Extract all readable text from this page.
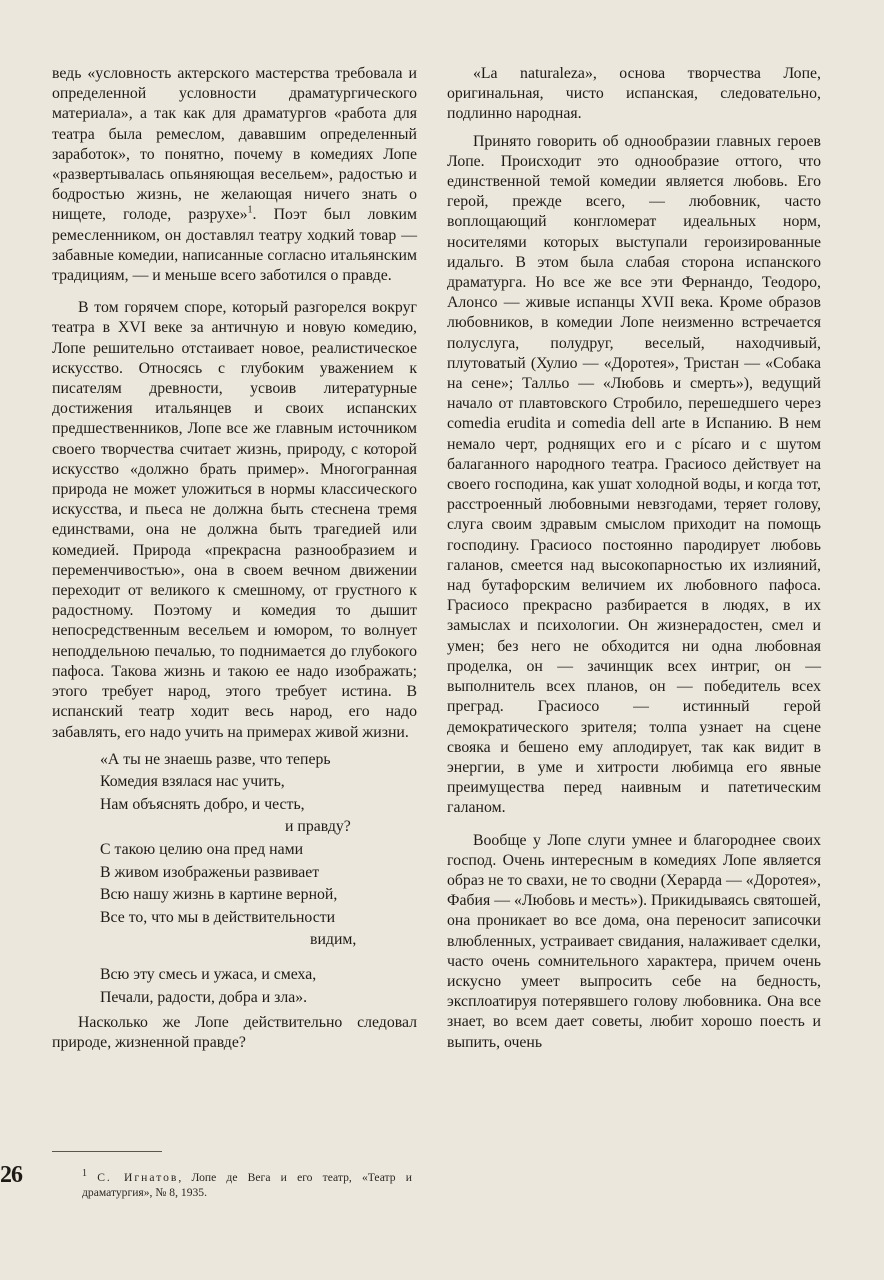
ведь «условность актерского мастерства требовала и определенной условности драматургического материала», а так как для драматургов «работа для театра была ремеслом, дававшим определенный заработок», то понятно, почему в комедиях Лопе «развертывалась опьяняющая весельем», радостью и бодростью жизнь, не желающая ничего знать о нищете, голоде, разрухе»$^1$. Поэт был ловким ремесленником, он доставлял театру ходкий товар — забавные комедии, написанные согласно итальянским традициям, — и меньше всего заботился о правде.

В том горячем споре, который разгорелся вокруг театра в XVI веке за античную и новую комедию, Лопе решительно отстаивает новое, реалистическое искусство. Относясь с глубоким уважением к писателям древности, усвоив литературные достижения итальянцев и своих испанских предшественников, Лопе все же главным источником своего творчества считает жизнь, природу, с которой искусство «должно брать пример». Многогранная природа не может уложиться в нормы классического искусства, и пьеса не должна быть стеснена тремя единствами, она не должна быть трагедией или комедией. Природа «прекрасна разнообразием и переменчивостью», она в своем вечном движении переходит от великого к смешному, от грустного к радостному. Поэтому и комедия то дышит непосредственным весельем и юмором, то волнует неподдельною печалью, то поднимается до глубокого пафоса. Такова жизнь и такою ее надо изображать; этого требует народ, этого требует истина. В испанский театр ходит весь народ, его надо забавлять, его надо учить на примерах живой жизни.

«А ты не знаешь разве, что теперь
Комедия взялася нас учить,
Нам объяснять добро, и честь,
и правду?
С такою целию она пред нами
В живом изображеньи развивает
Всю нашу жизнь в картине верной,
Все то, что мы в действительности
видим,
Всю эту смесь и ужаса, и смеха,
Печали, радости, добра и зла».

Насколько же Лопе действительно следовал природе, жизненной правде?

26	$^1$ С. Игнатов, Лопе де Вега и его театр, «Театр и драматургия», № 8, 1935.

«La naturaleza», основа творчества Лопе, оригинальная, чисто испанская, следовательно, подлинно народная.

Принято говорить об однообразии главных героев Лопе. Происходит это однообразие оттого, что единственной темой комедии является любовь. Его герой, прежде всего, — любовник, часто воплощающий конгломерат идеальных норм, носителями которых выступали героизированные идальго. В этом была слабая сторона испанского драматурга. Но все же все эти Фернандо, Теодоро, Алонсо — живые испанцы XVII века. Кроме образов любовников, в комедии Лопе неизменно встречается полуслуга, полудруг, веселый, находчивый, плутоватый (Хулио — «Доротея», Тристан — «Собака на сене»; Талльо — «Любовь и смерть»), ведущий начало от плавтовского Стробило, перешедшего через comedia erudita и comedia dell arte в Испанию. В нем немало черт, роднящих его и с pícaro и с шутом балаганного народного театра. Грасиосо действует на своего господина, как ушат холодной воды, и когда тот, расстроенный любовными невзгодами, теряет голову, слуга своим здравым смыслом приходит на помощь господину. Грасиосо постоянно пародирует любовь галанов, смеется над высокопарностью их излияний, над бутафорским величием их любовного пафоса. Грасиосо прекрасно разбирается в людях, в их замыслах и психологии. Он жизнерадостен, смел и умен; без него не обходится ни одна любовная проделка, он — зачинщик всех интриг, он — выполнитель всех планов, он — победитель всех преград. Грасиосо — истинный герой демократического зрителя; толпа узнает на сцене свояка и бешено ему аплодирует, так как видит в энергии, в уме и хитрости любимца его явные преимущества перед наивным и патетическим галаном.

Вообще у Лопе слуги умнее и благороднее своих господ. Очень интересным в комедиях Лопе является образ не то свахи, не то сводни (Херарда — «Доротея», Фабия — «Любовь и месть»). Прикидываясь святошей, она проникает во все дома, она переносит записочки влюбленных, устраивает свидания, налаживает сделки, часто очень сомнительного характера, причем очень искусно умеет выпросить себе на бедность, эксплоатируя потерявшего голову любовника. Она все знает, во всем дает советы, любит хорошо поесть и выпить, очень
